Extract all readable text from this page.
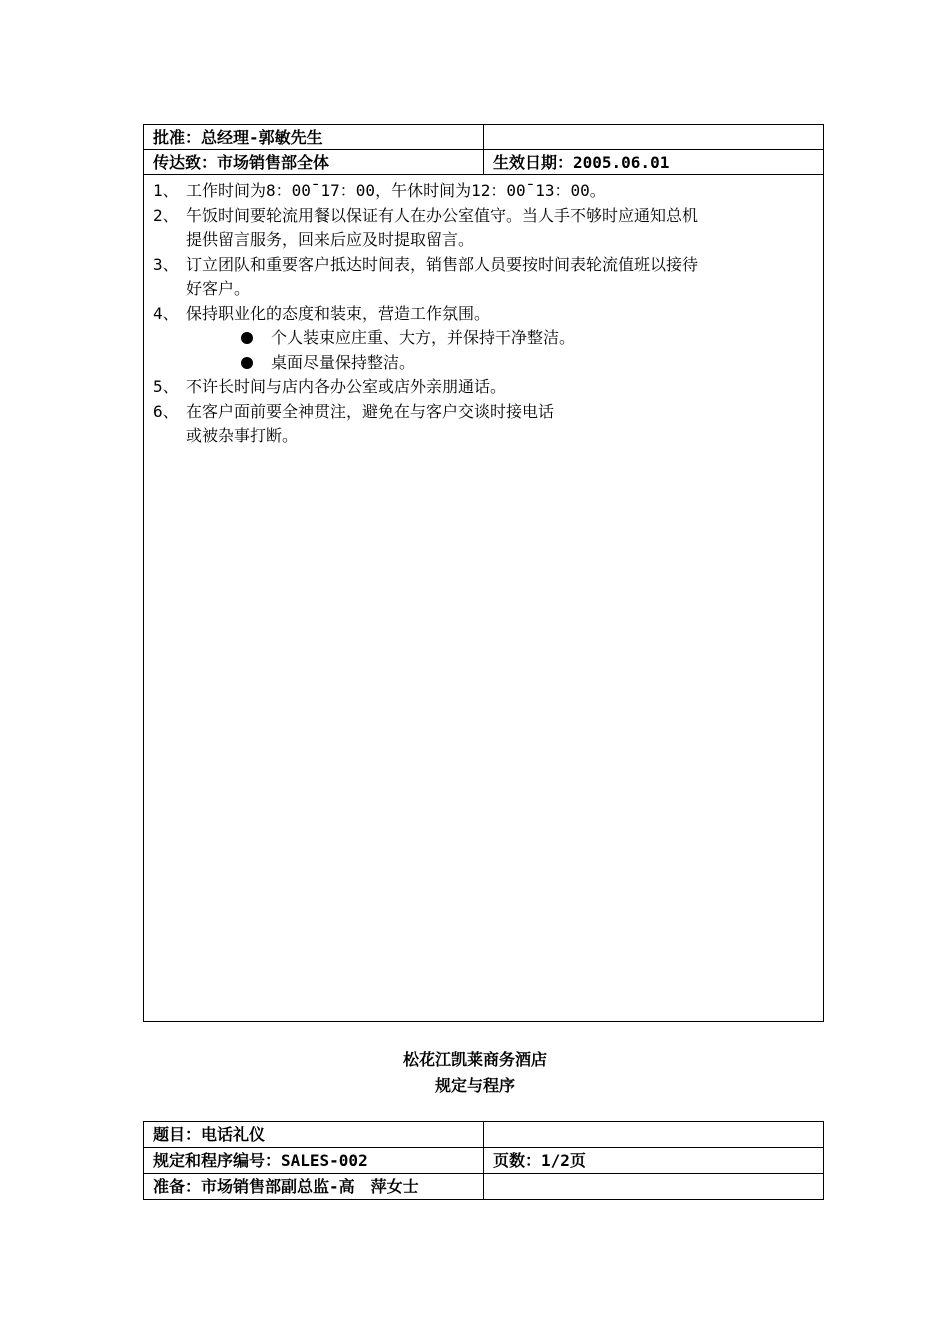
批准：总经理-郭敏先生
传达致：市场销售部全体	生效日期：2005.06.01
1、 工作时间为8：00¯17：00，午休时间为12：00¯13：00。
2、 午饭时间要轮流用餐以保证有人在办公室值守。当人手不够时应通知总机
提供留言服务，回来后应及时提取留言。
3、 订立团队和重要客户抵达时间表，销售部人员要按时间表轮流值班以接待
好客户。
4、 保持职业化的态度和装束，营造工作氛围。
个人装束应庄重、大方，并保持干净整洁。
桌面尽量保持整洁。
5、 不许长时间与店内各办公室或店外亲朋通话。
6、 在客户面前要全神贯注，避免在与客户交谈时接电话
或被杂事打断。
松花江凯莱商务酒店
规定与程序
题目：电话礼仪
规定和程序编号：SALES-002	页数：1/2页
准备：市场销售部副总监-高　萍女士
